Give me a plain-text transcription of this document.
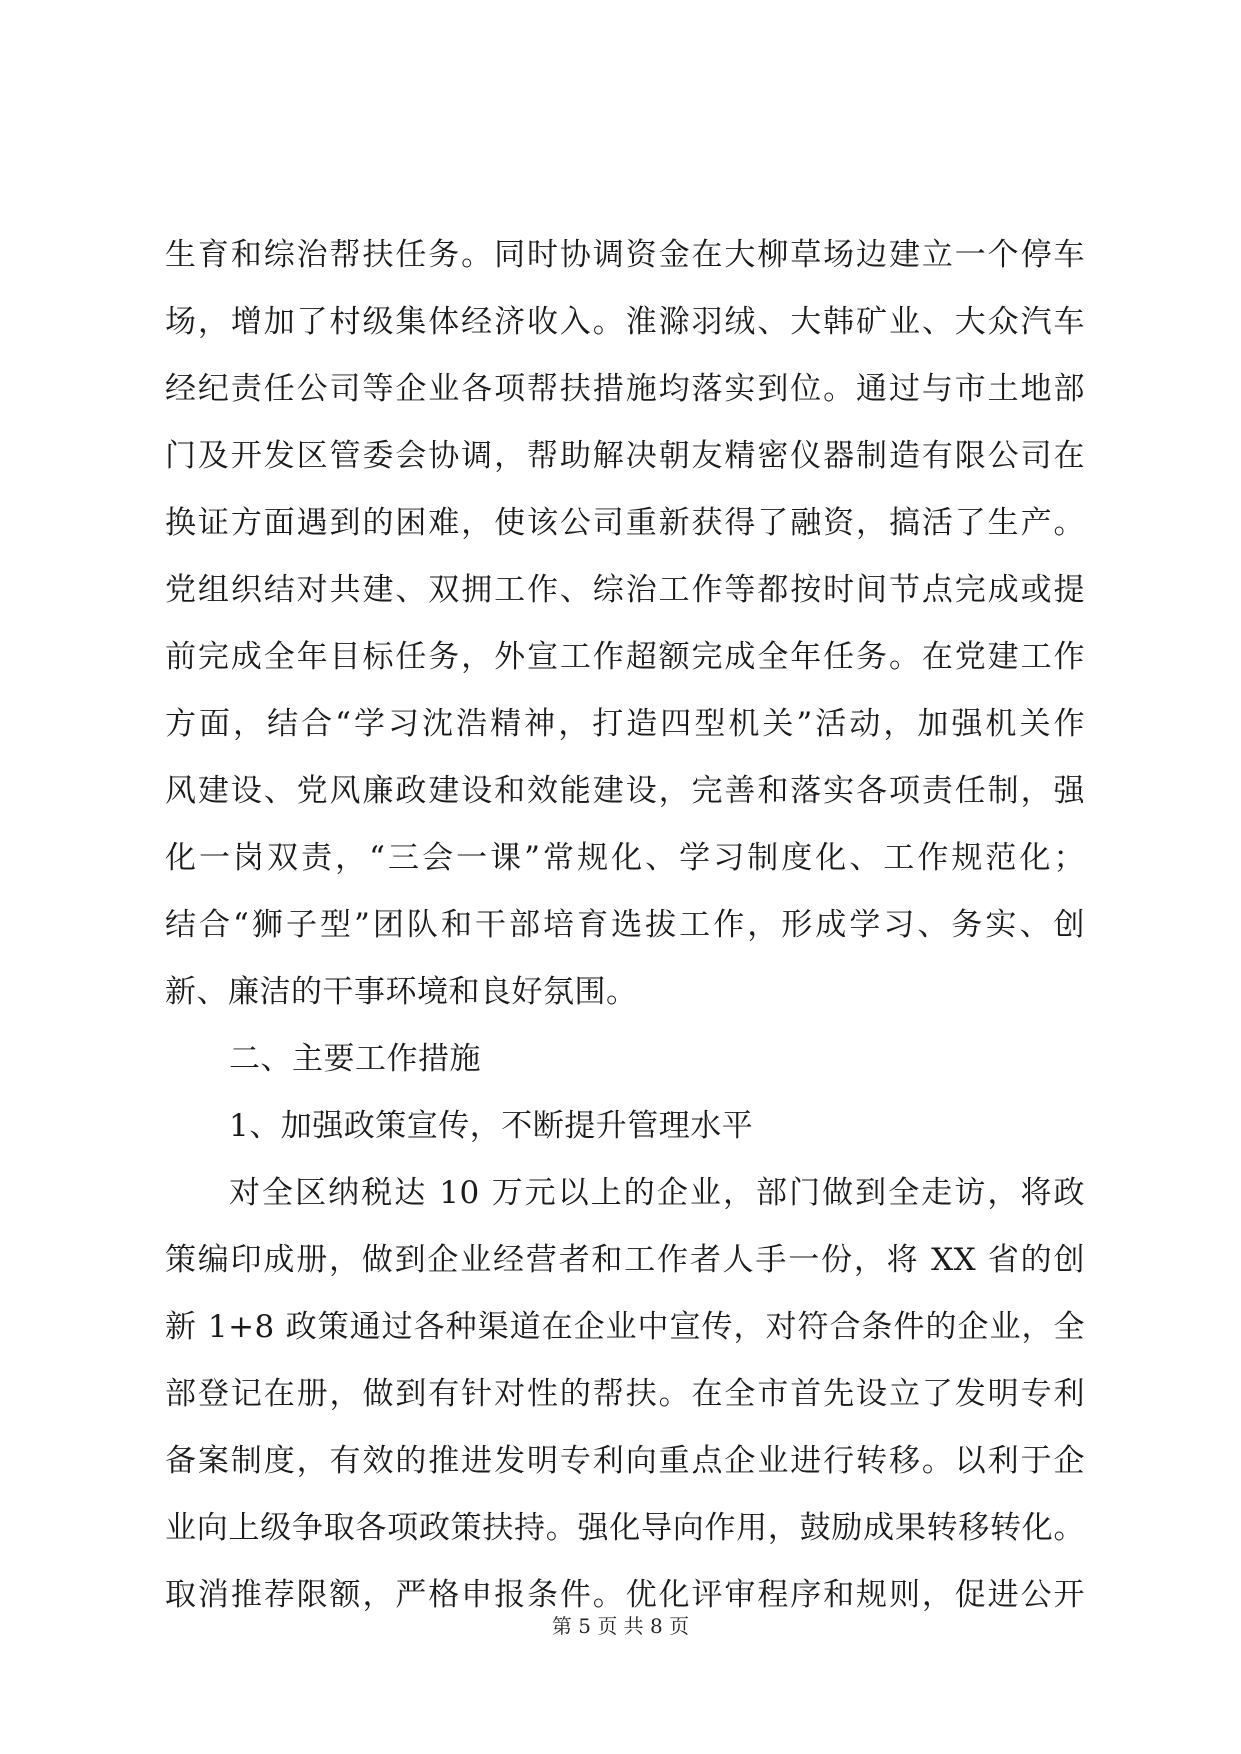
生育和综治帮扶任务。同时协调资金在大柳草场边建立一个停车
场，增加了村级集体经济收入。淮滁羽绒、大韩矿业、大众汽车
经纪责任公司等企业各项帮扶措施均落实到位。通过与市土地部
门及开发区管委会协调，帮助解决朝友精密仪器制造有限公司在
换证方面遇到的困难，使该公司重新获得了融资，搞活了生产。
党组织结对共建、双拥工作、综治工作等都按时间节点完成或提
前完成全年目标任务，外宣工作超额完成全年任务。在党建工作
方面，结合“学习沈浩精神，打造四型机关”活动，加强机关作
风建设、党风廉政建设和效能建设，完善和落实各项责任制，强
化一岗双责，“三会一课”常规化、学习制度化、工作规范化；
结合“狮子型”团队和干部培育选拔工作，形成学习、务实、创
新、廉洁的干事环境和良好氛围。
二、主要工作措施
1、加强政策宣传，不断提升管理水平
对全区纳税达 10 万元以上的企业，部门做到全走访，将政
策编印成册，做到企业经营者和工作者人手一份，将 XX 省的创
新 1+8 政策通过各种渠道在企业中宣传，对符合条件的企业，全
部登记在册，做到有针对性的帮扶。在全市首先设立了发明专利
备案制度，有效的推进发明专利向重点企业进行转移。以利于企
业向上级争取各项政策扶持。强化导向作用，鼓励成果转移转化。
取消推荐限额，严格申报条件。优化评审程序和规则，促进公开
第 5 页 共 8 页
